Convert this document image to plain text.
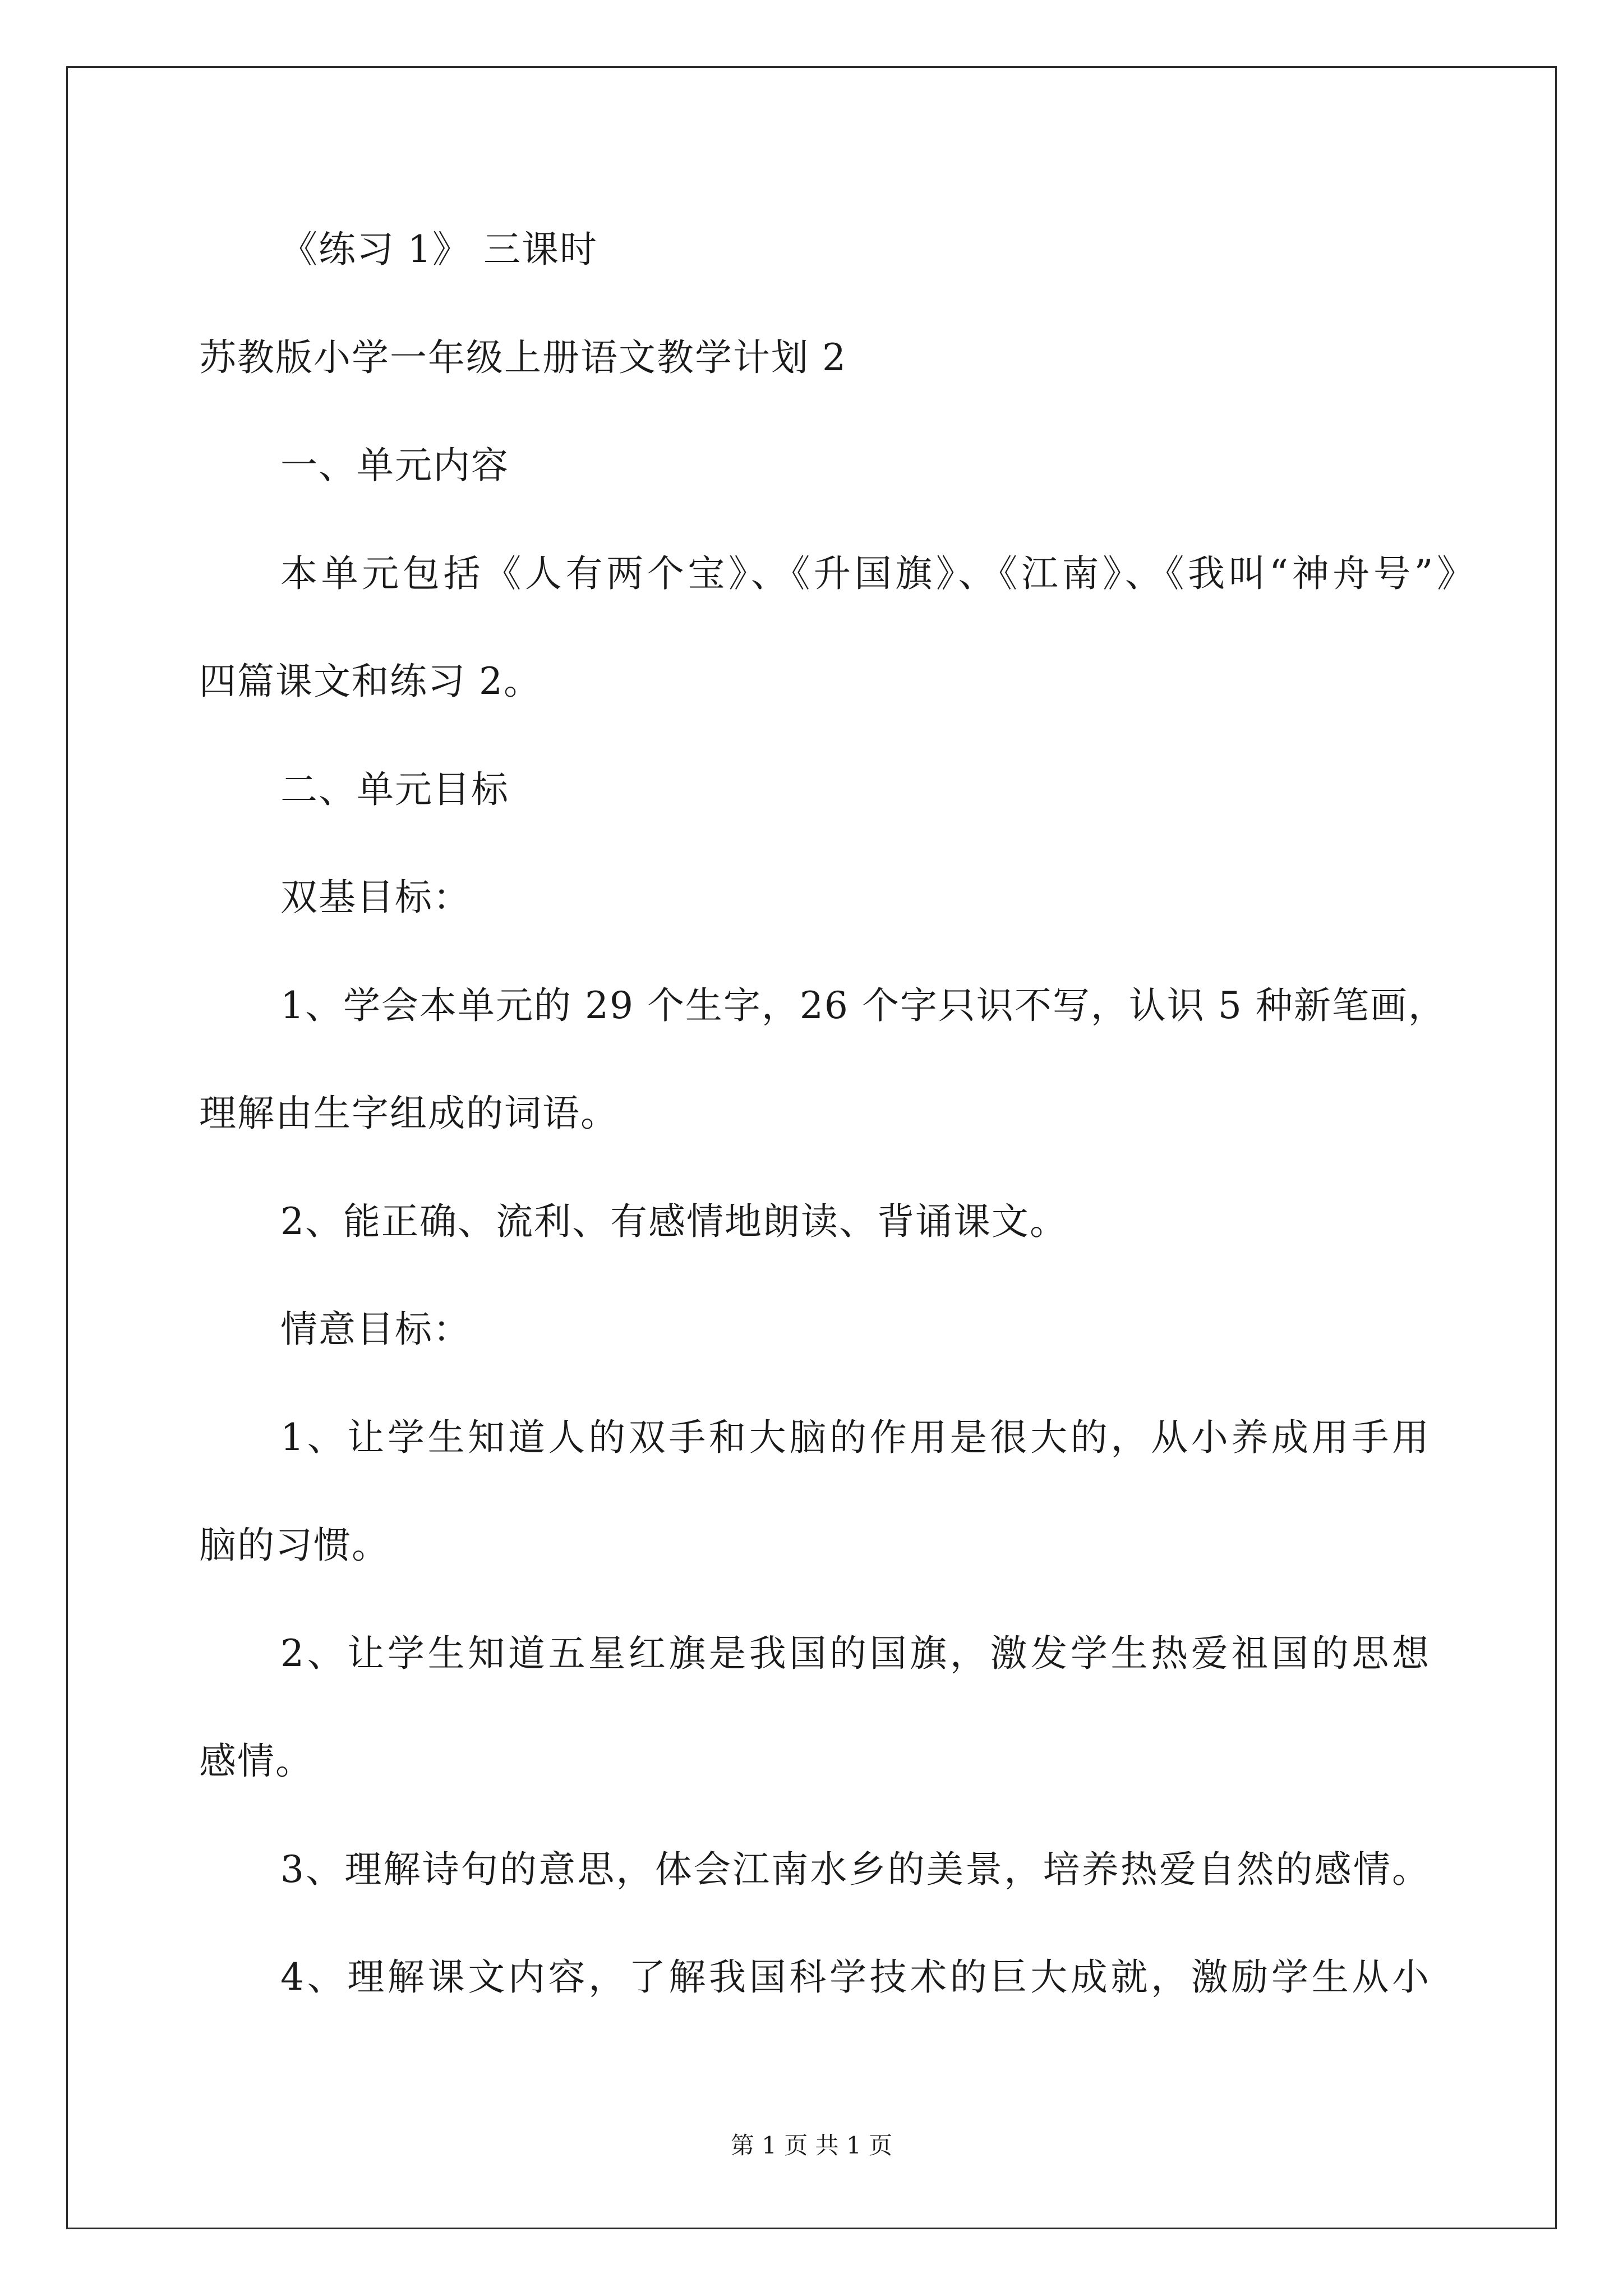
《练习 1》 三课时
苏教版小学一年级上册语文教学计划 2
一、单元内容
本单元包括《人有两个宝》、《升国旗》、《江南》、《我叫“神舟号”》
四篇课文和练习 2。
二、单元目标
双基目标：
1、学会本单元的 29 个生字，26 个字只识不写，认识 5 种新笔画，
理解由生字组成的词语。
2、能正确、流利、有感情地朗读、背诵课文。
情意目标：
1、让学生知道人的双手和大脑的作用是很大的，从小养成用手用
脑的习惯。
2、让学生知道五星红旗是我国的国旗，激发学生热爱祖国的思想
感情。
3、理解诗句的意思，体会江南水乡的美景，培养热爱自然的感情。
4、理解课文内容，了解我国科学技术的巨大成就，激励学生从小
第 1 页 共 1 页
